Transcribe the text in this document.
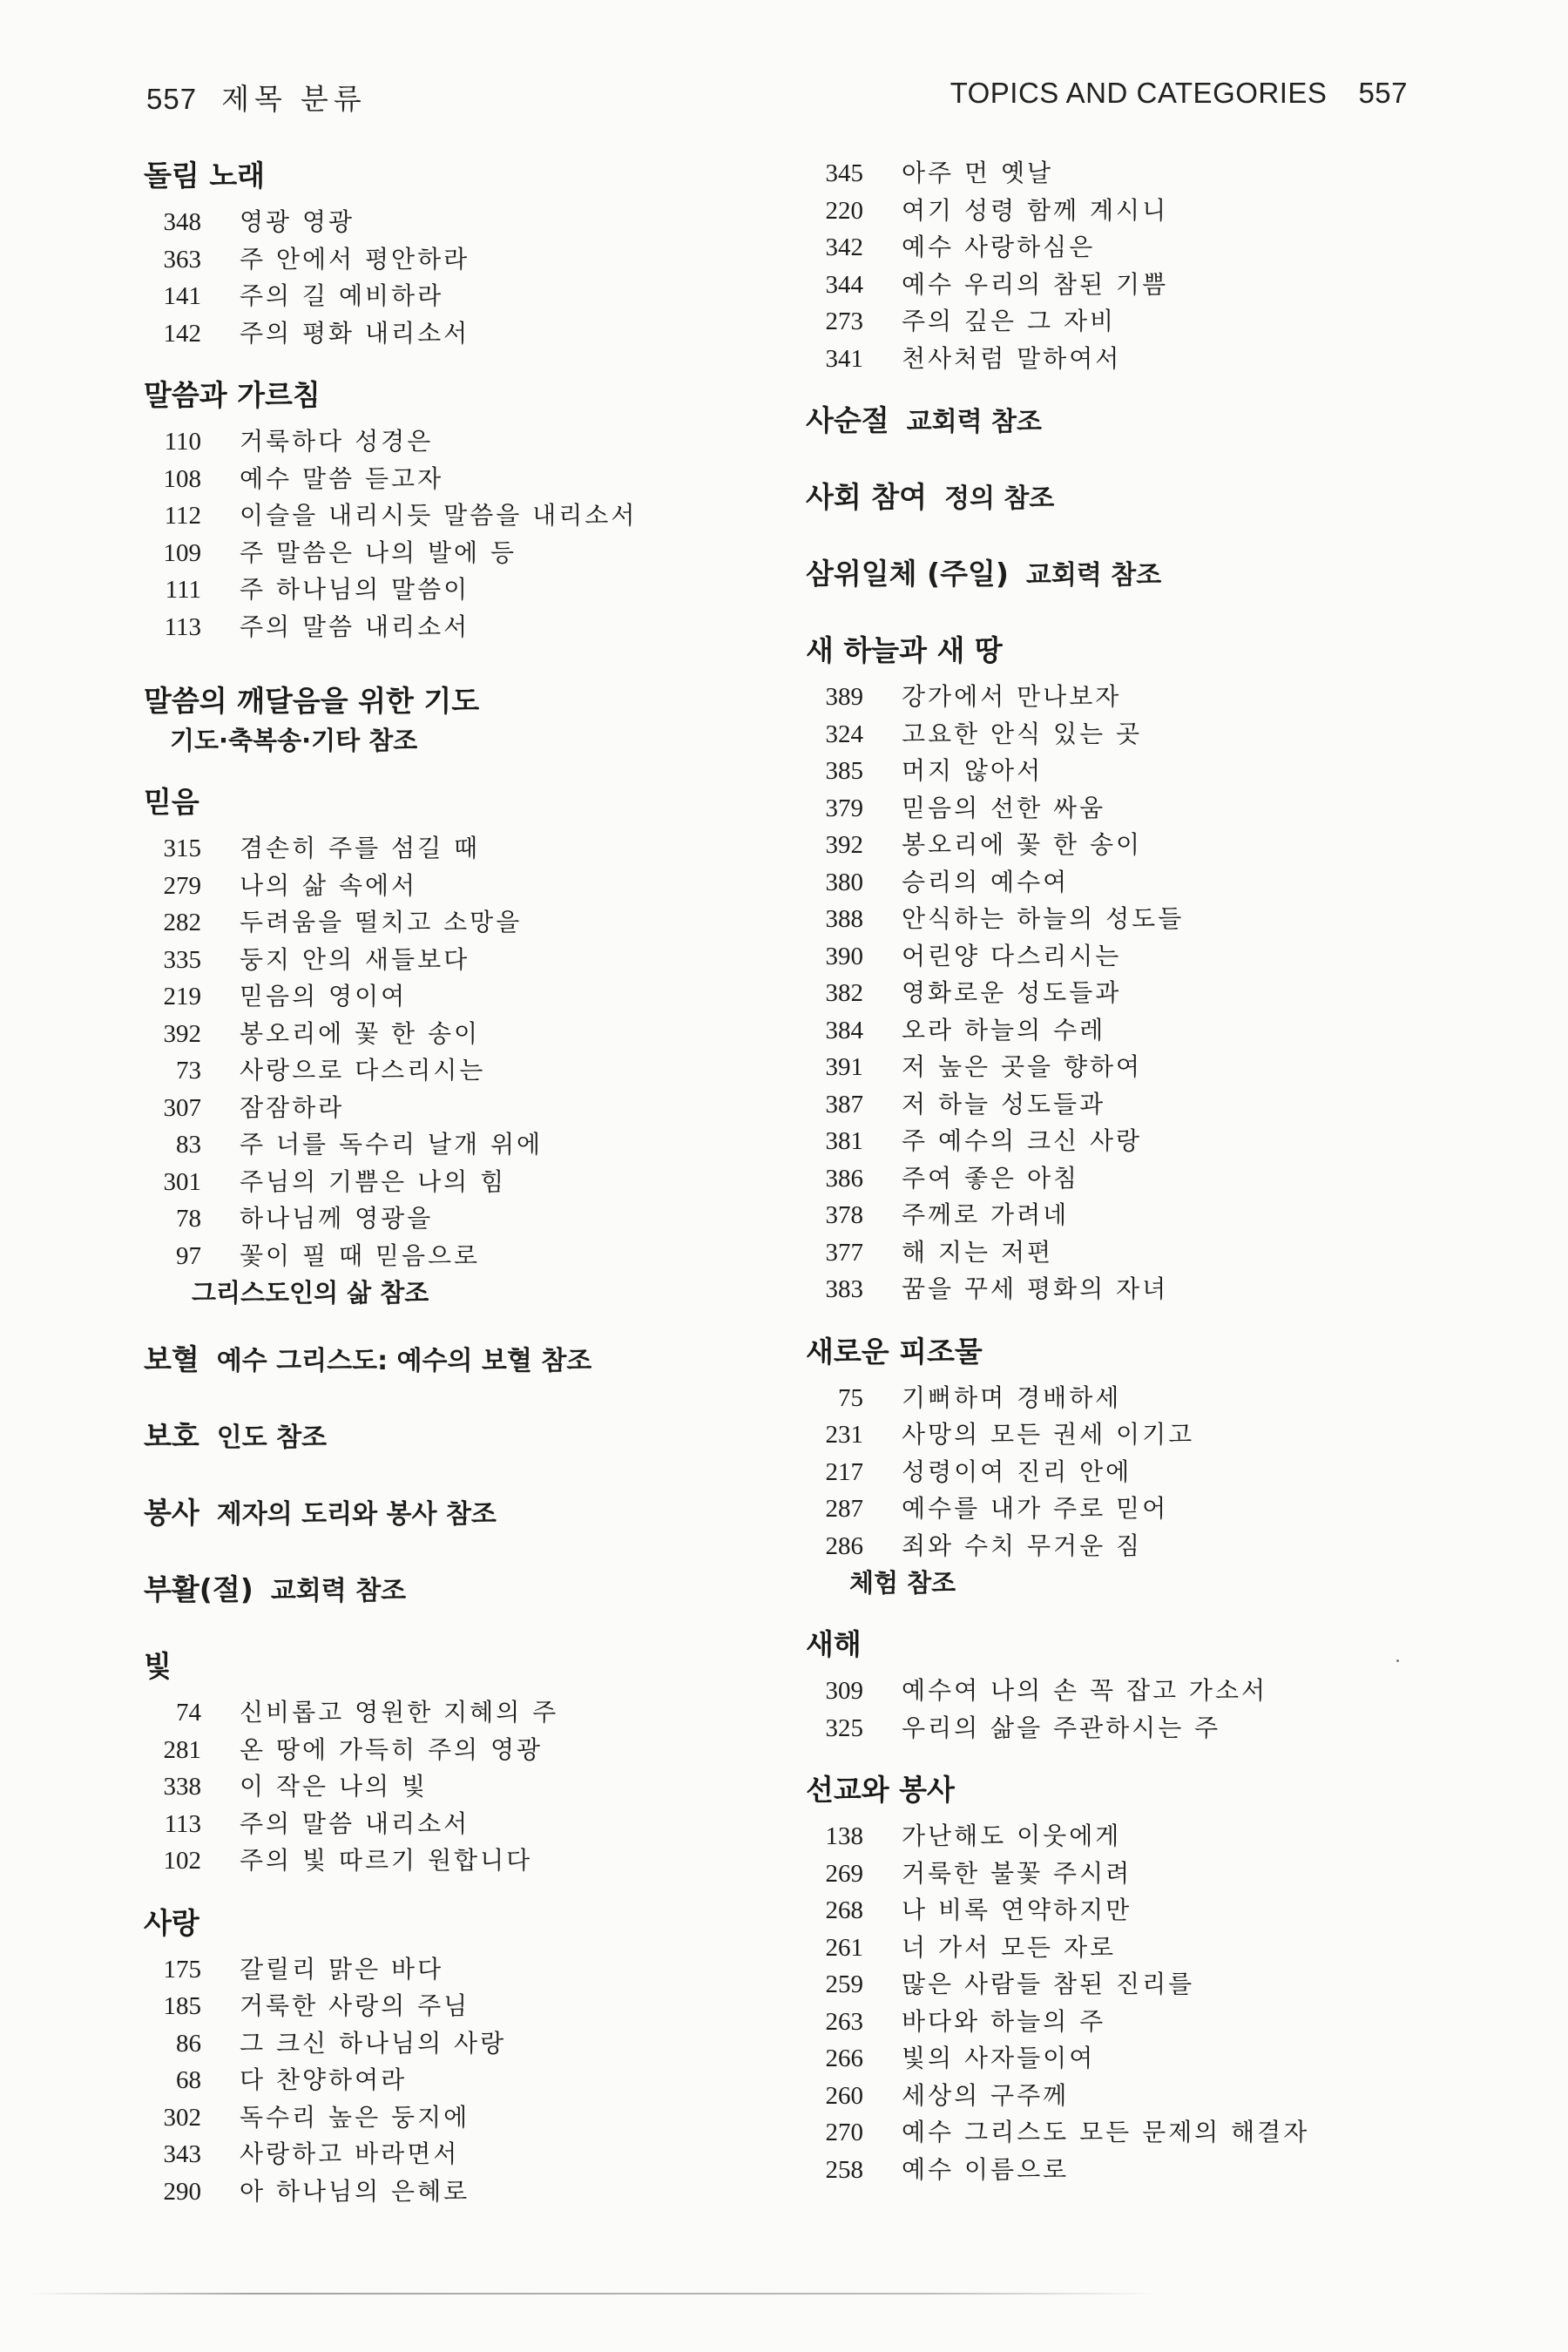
557 제목 분류	TOPICS AND CATEGORIES 557
돌림 노래
348	영광 영광
363	주 안에서 평안하라
141	주의 길 예비하라
142	주의 평화 내리소서
말씀과 가르침
110	거룩하다 성경은
108	예수 말씀 듣고자
112	이슬을 내리시듯 말씀을 내리소서
109	주 말씀은 나의 발에 등
111	주 하나님의 말씀이
113	주의 말씀 내리소서
말씀의 깨달음을 위한 기도
기도·축복송·기타 참조
믿음
315	겸손히 주를 섬길 때
279	나의 삶 속에서
282	두려움을 떨치고 소망을
335	둥지 안의 새들보다
219	믿음의 영이여
392	봉오리에 꽃 한 송이
73	사랑으로 다스리시는
307	잠잠하라
83	주 너를 독수리 날개 위에
301	주님의 기쁨은 나의 힘
78	하나님께 영광을
97	꽃이 필 때 믿음으로
그리스도인의 삶 참조
보혈 예수 그리스도: 예수의 보혈 참조
보호 인도 참조
봉사 제자의 도리와 봉사 참조
부활(절) 교회력 참조
빛
74	신비롭고 영원한 지혜의 주
281	온 땅에 가득히 주의 영광
338	이 작은 나의 빛
113	주의 말씀 내리소서
102	주의 빛 따르기 원합니다
사랑
175	갈릴리 맑은 바다
185	거룩한 사랑의 주님
86	그 크신 하나님의 사랑
68	다 찬양하여라
302	독수리 높은 둥지에
343	사랑하고 바라면서
290	아 하나님의 은혜로
345	아주 먼 옛날
220	여기 성령 함께 계시니
342	예수 사랑하심은
344	예수 우리의 참된 기쁨
273	주의 깊은 그 자비
341	천사처럼 말하여서
사순절 교회력 참조
사회 참여 정의 참조
삼위일체 (주일) 교회력 참조
새 하늘과 새 땅
389	강가에서 만나보자
324	고요한 안식 있는 곳
385	머지 않아서
379	믿음의 선한 싸움
392	봉오리에 꽃 한 송이
380	승리의 예수여
388	안식하는 하늘의 성도들
390	어린양 다스리시는
382	영화로운 성도들과
384	오라 하늘의 수레
391	저 높은 곳을 향하여
387	저 하늘 성도들과
381	주 예수의 크신 사랑
386	주여 좋은 아침
378	주께로 가려네
377	해 지는 저편
383	꿈을 꾸세 평화의 자녀
새로운 피조물
75	기뻐하며 경배하세
231	사망의 모든 권세 이기고
217	성령이여 진리 안에
287	예수를 내가 주로 믿어
286	죄와 수치 무거운 짐
체험 참조
새해
309	예수여 나의 손 꼭 잡고 가소서
325	우리의 삶을 주관하시는 주
선교와 봉사
138	가난해도 이웃에게
269	거룩한 불꽃 주시려
268	나 비록 연약하지만
261	너 가서 모든 자로
259	많은 사람들 참된 진리를
263	바다와 하늘의 주
266	빛의 사자들이여
260	세상의 구주께
270	예수 그리스도 모든 문제의 해결자
258	예수 이름으로
